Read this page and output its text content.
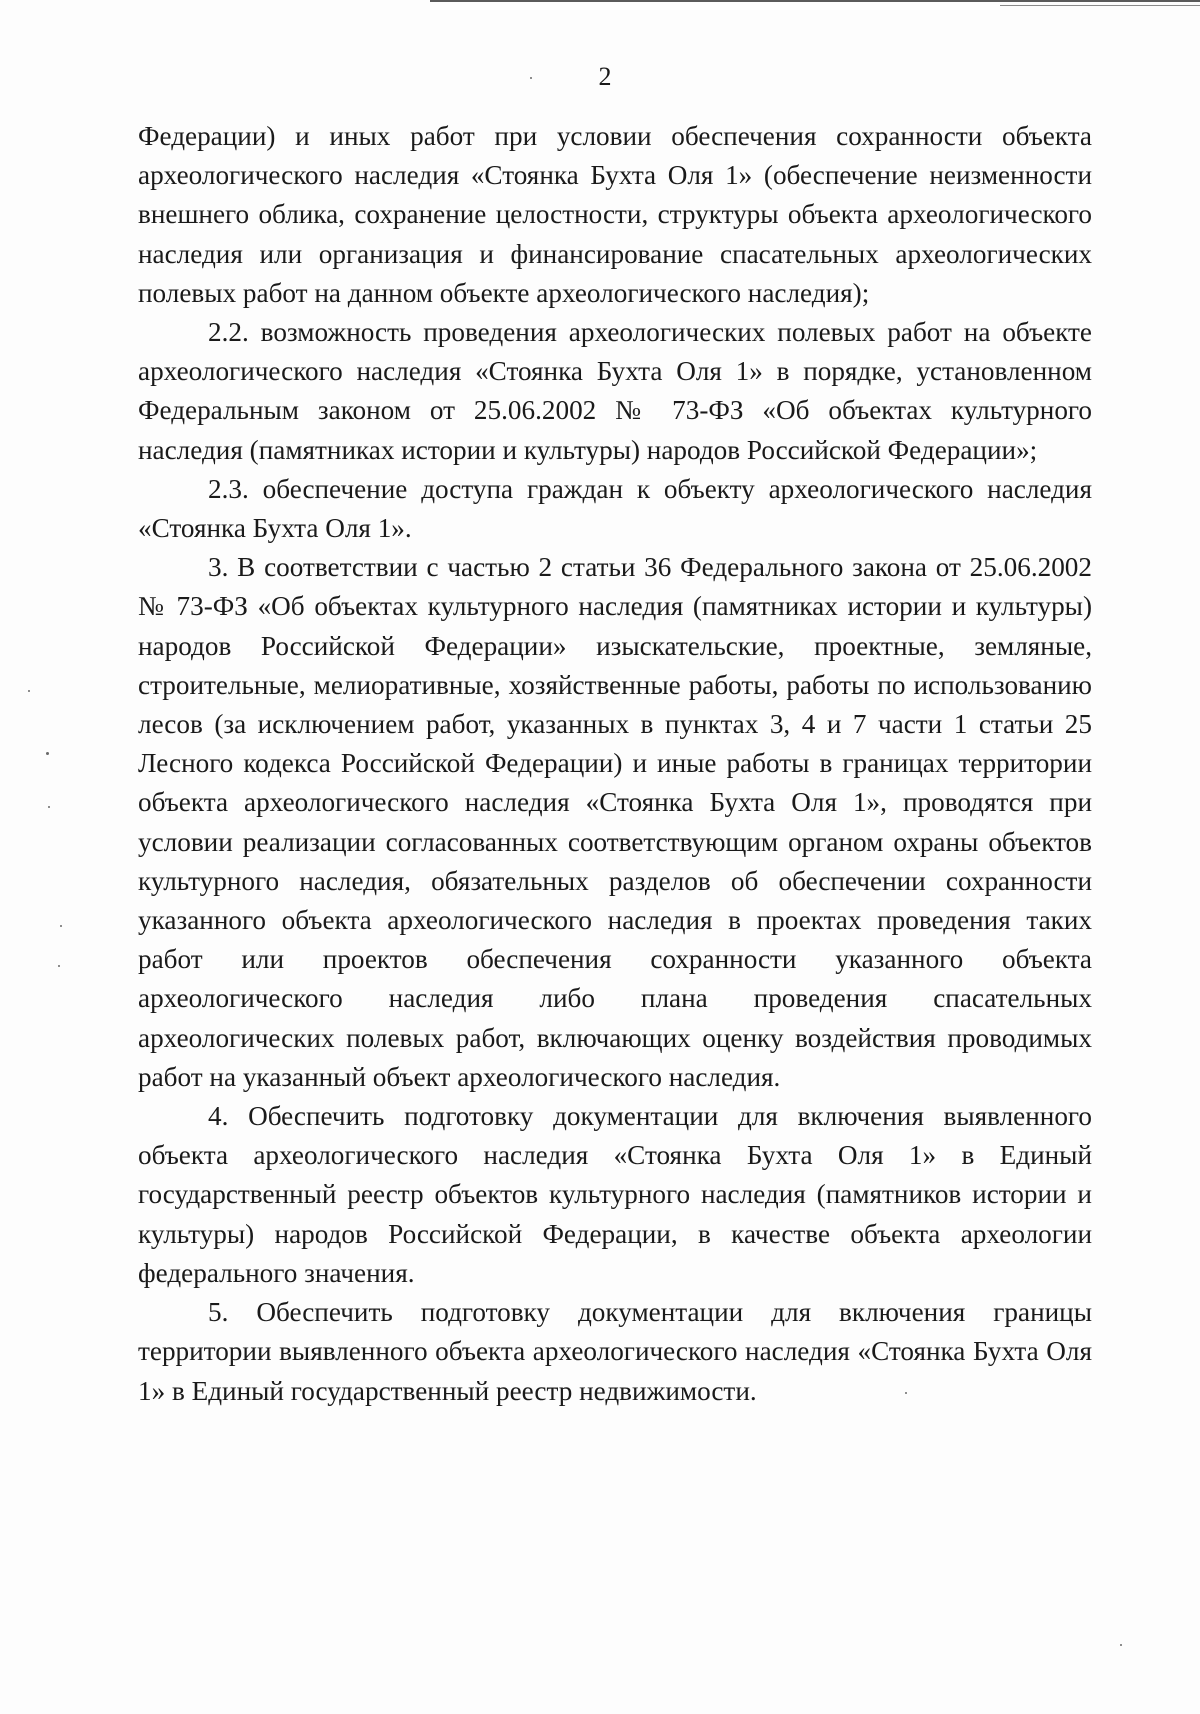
2

Федерации) и иных работ при условии обеспечения сохранности объекта археологического наследия «Стоянка Бухта Оля 1» (обеспечение неизменности внешнего облика, сохранение целостности, структуры объекта археологического наследия или организация и финансирование спасательных археологических полевых работ на данном объекте археологического наследия);

2.2. возможность проведения археологических полевых работ на объекте археологического наследия «Стоянка Бухта Оля 1» в порядке, установленном Федеральным законом от 25.06.2002 № 73-ФЗ «Об объектах культурного наследия (памятниках истории и культуры) народов Российской Федерации»;

2.3. обеспечение доступа граждан к объекту археологического наследия «Стоянка Бухта Оля 1».

3. В соответствии с частью 2 статьи 36 Федерального закона от 25.06.2002 № 73-ФЗ «Об объектах культурного наследия (памятниках истории и культуры) народов Российской Федерации» изыскательские, проектные, земляные, строительные, мелиоративные, хозяйственные работы, работы по использованию лесов (за исключением работ, указанных в пунктах 3, 4 и 7 части 1 статьи 25 Лесного кодекса Российской Федерации) и иные работы в границах территории объекта археологического наследия «Стоянка Бухта Оля 1», проводятся при условии реализации согласованных соответствующим органом охраны объектов культурного наследия, обязательных разделов об обеспечении сохранности указанного объекта археологического наследия в проектах проведения таких работ или проектов обеспечения сохранности указанного объекта археологического наследия либо плана проведения спасательных археологических полевых работ, включающих оценку воздействия проводимых работ на указанный объект археологического наследия.

4. Обеспечить подготовку документации для включения выявленного объекта археологического наследия «Стоянка Бухта Оля 1» в Единый государственный реестр объектов культурного наследия (памятников истории и культуры) народов Российской Федерации, в качестве объекта археологии федерального значения.

5. Обеспечить подготовку документации для включения границы территории выявленного объекта археологического наследия «Стоянка Бухта Оля 1» в Единый государственный реестр недвижимости.
